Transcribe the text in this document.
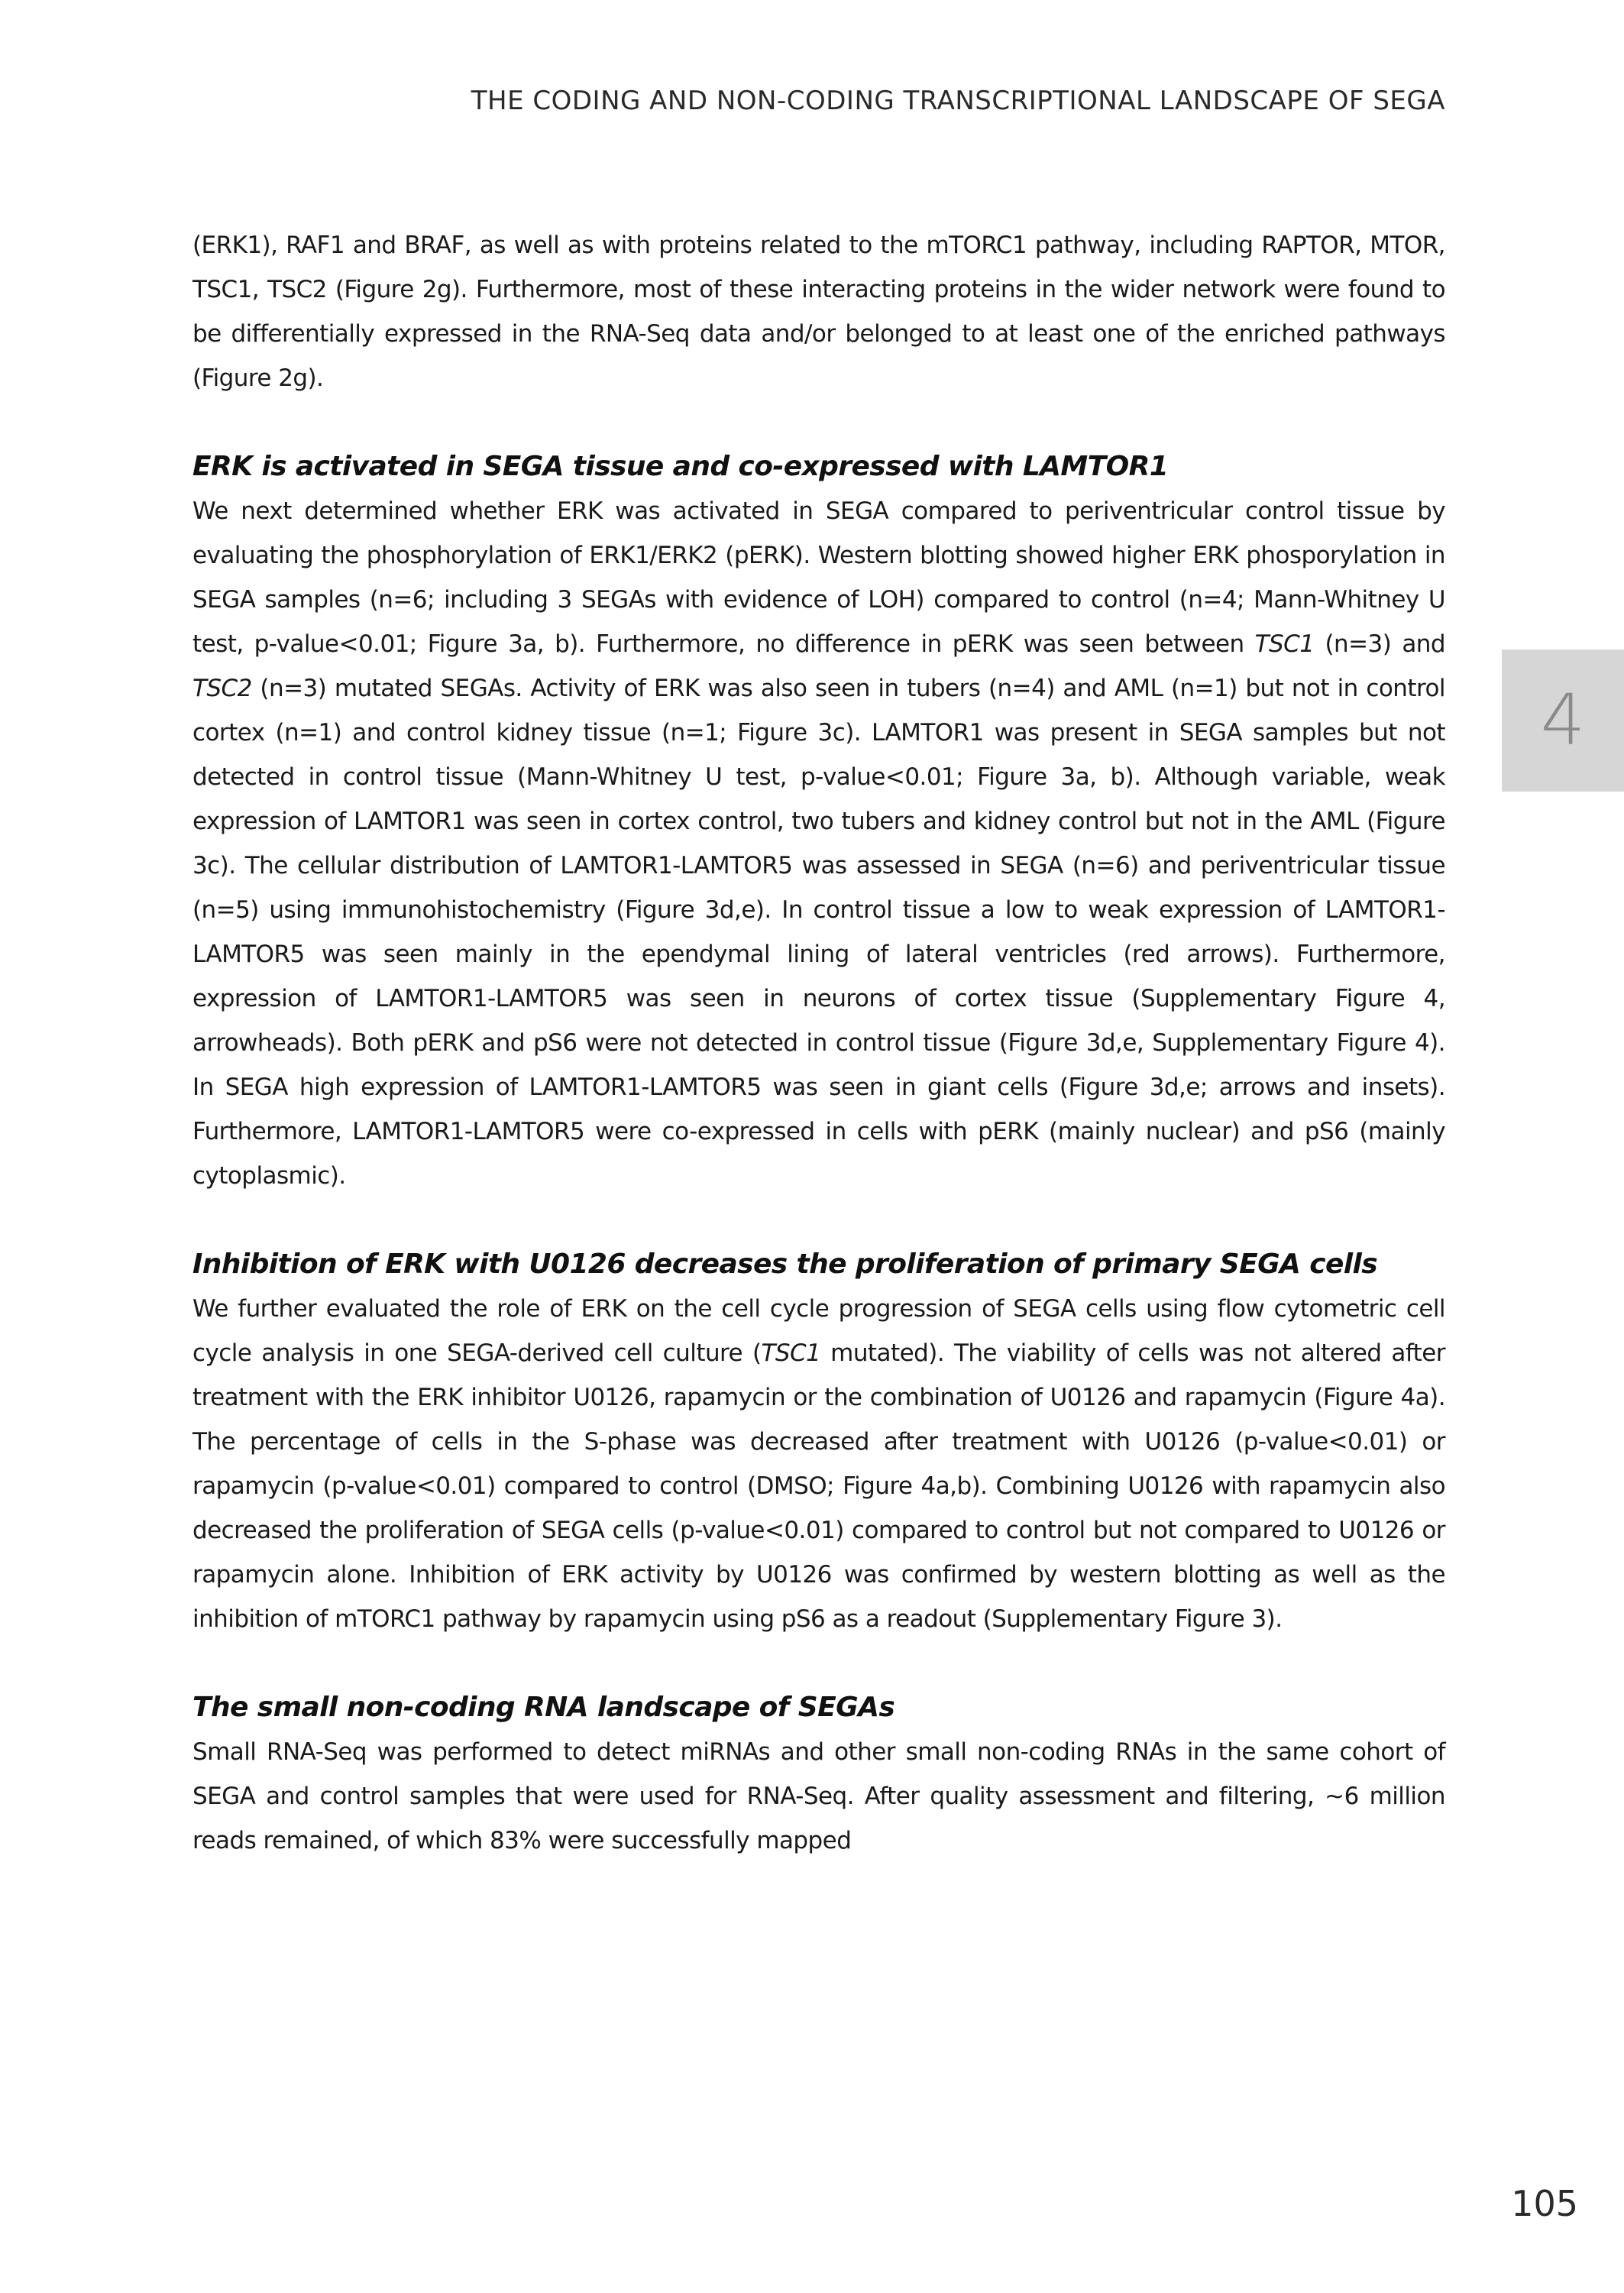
THE CODING AND NON-CODING TRANSCRIPTIONAL LANDSCAPE OF SEGA
4

(ERK1), RAF1 and BRAF, as well as with proteins related to the mTORC1 pathway, including RAPTOR, MTOR, TSC1, TSC2 (Figure 2g). Furthermore, most of these interacting proteins in the wider network were found to be differentially expressed in the RNA-Seq data and/or belonged to at least one of the enriched pathways (Figure 2g).

ERK is activated in SEGA tissue and co-expressed with LAMTOR1

We next determined whether ERK was activated in SEGA compared to periventricular control tissue by evaluating the phosphorylation of ERK1/ERK2 (pERK). Western blotting showed higher ERK phosporylation in SEGA samples (n=6; including 3 SEGAs with evidence of LOH) compared to control (n=4; Mann-Whitney U test, p-value<0.01; Figure 3a, b). Furthermore, no difference in pERK was seen between TSC1 (n=3) and TSC2 (n=3) mutated SEGAs. Activity of ERK was also seen in tubers (n=4) and AML (n=1) but not in control cortex (n=1) and control kidney tissue (n=1; Figure 3c). LAMTOR1 was present in SEGA samples but not detected in control tissue (Mann-Whitney U test, p-value<0.01; Figure 3a, b). Although variable, weak expression of LAMTOR1 was seen in cortex control, two tubers and kidney control but not in the AML (Figure 3c). The cellular distribution of LAMTOR1-LAMTOR5 was assessed in SEGA (n=6) and periventricular tissue (n=5) using immunohistochemistry (Figure 3d,e). In control tissue a low to weak expression of LAMTOR1-LAMTOR5 was seen mainly in the ependymal lining of lateral ventricles (red arrows). Furthermore, expression of LAMTOR1-LAMTOR5 was seen in neurons of cortex tissue (Supplementary Figure 4, arrowheads). Both pERK and pS6 were not detected in control tissue (Figure 3d,e, Supplementary Figure 4). In SEGA high expression of LAMTOR1-LAMTOR5 was seen in giant cells (Figure 3d,e; arrows and insets). Furthermore, LAMTOR1-LAMTOR5 were co-expressed in cells with pERK (mainly nuclear) and pS6 (mainly cytoplasmic).

Inhibition of ERK with U0126 decreases the proliferation of primary SEGA cells

We further evaluated the role of ERK on the cell cycle progression of SEGA cells using flow cytometric cell cycle analysis in one SEGA-derived cell culture (TSC1 mutated). The viability of cells was not altered after treatment with the ERK inhibitor U0126, rapamycin or the combination of U0126 and rapamycin (Figure 4a). The percentage of cells in the S-phase was decreased after treatment with U0126 (p-value<0.01) or rapamycin (p-value<0.01) compared to control (DMSO; Figure 4a,b). Combining U0126 with rapamycin also decreased the proliferation of SEGA cells (p-value<0.01) compared to control but not compared to U0126 or rapamycin alone. Inhibition of ERK activity by U0126 was confirmed by western blotting as well as the inhibition of mTORC1 pathway by rapamycin using pS6 as a readout (Supplementary Figure 3).

The small non-coding RNA landscape of SEGAs

Small RNA-Seq was performed to detect miRNAs and other small non-coding RNAs in the same cohort of SEGA and control samples that were used for RNA-Seq. After quality assessment and filtering, ~6 million reads remained, of which 83% were successfully mapped

105
